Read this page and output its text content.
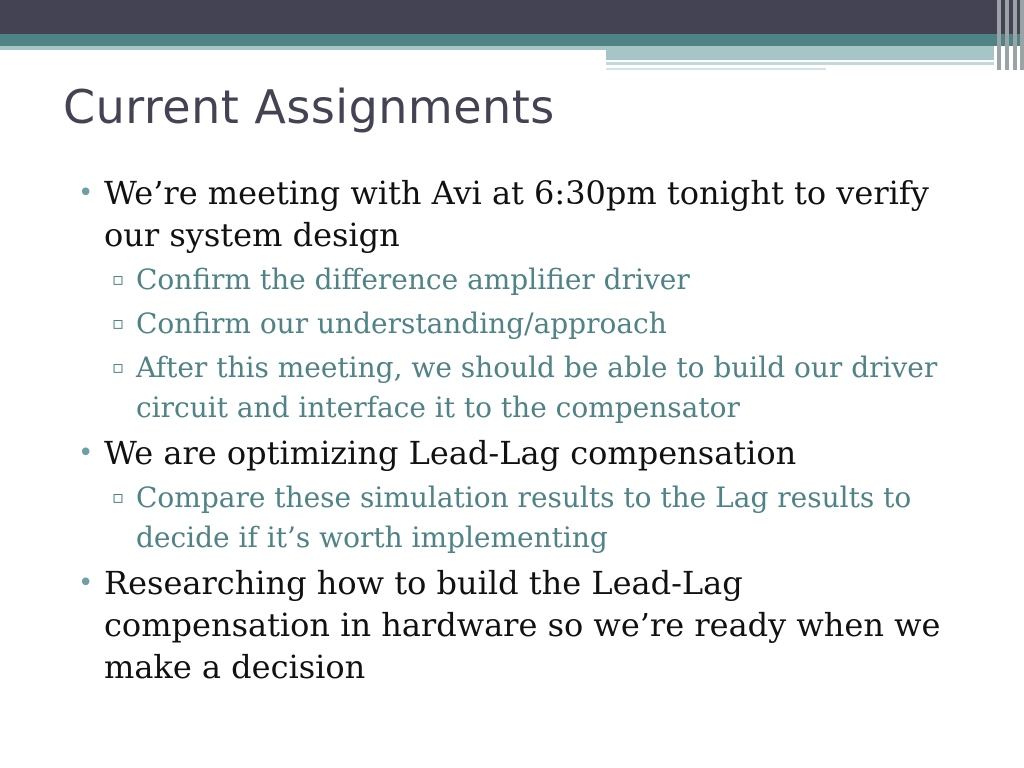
Current Assignments
• We’re meeting with Avi at 6:30pm tonight to verify our system design
▫ Confirm the difference amplifier driver
▫ Confirm our understanding/approach
▫ After this meeting, we should be able to build our driver circuit and interface it to the compensator
• We are optimizing Lead-Lag compensation
▫ Compare these simulation results to the Lag results to decide if it’s worth implementing
• Researching how to build the Lead-Lag compensation in hardware so we’re ready when we make a decision
